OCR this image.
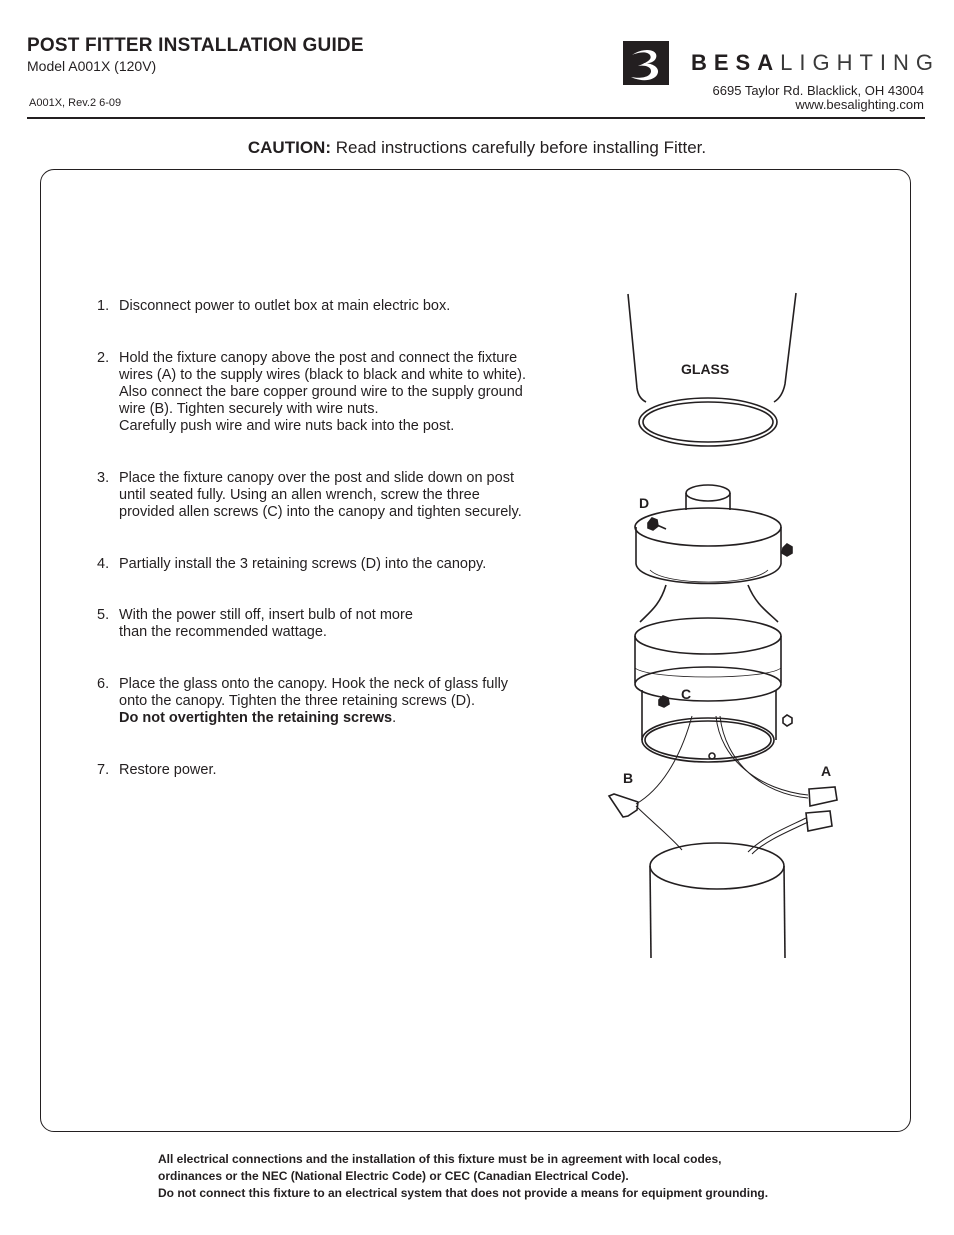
POST FITTER INSTALLATION GUIDE
Model A001X (120V)
A001X, Rev.2 6-09
BESALIGHTING
6695 Taylor Rd. Blacklick, OH 43004
www.besalighting.com
CAUTION: Read instructions carefully before installing Fitter.
1. Disconnect power to outlet box at main electric box.
2. Hold the fixture canopy above the post and connect the fixture
wires (A) to the supply wires (black to black and white to white).
Also connect the bare copper ground wire to the supply ground
wire (B). Tighten securely with wire nuts.
Carefully push wire and wire nuts back into the post.
3. Place the fixture canopy over the post and slide down on post
until seated fully. Using an allen wrench, screw the three
provided allen screws (C) into the canopy and tighten securely.
4. Partially install the 3 retaining screws (D) into the canopy.
5. With the power still off, insert bulb of not more
than the recommended wattage.
6. Place the glass onto the canopy. Hook the neck of glass fully
onto the canopy. Tighten the three retaining screws (D).
Do not overtighten the retaining screws.
7. Restore power.
GLASS
D
C
B	A
All electrical connections and the installation of this fixture must be in agreement with local codes,
ordinances or the NEC (National Electric Code) or CEC (Canadian Electrical Code).
Do not connect this fixture to an electrical system that does not provide a means for equipment grounding.
